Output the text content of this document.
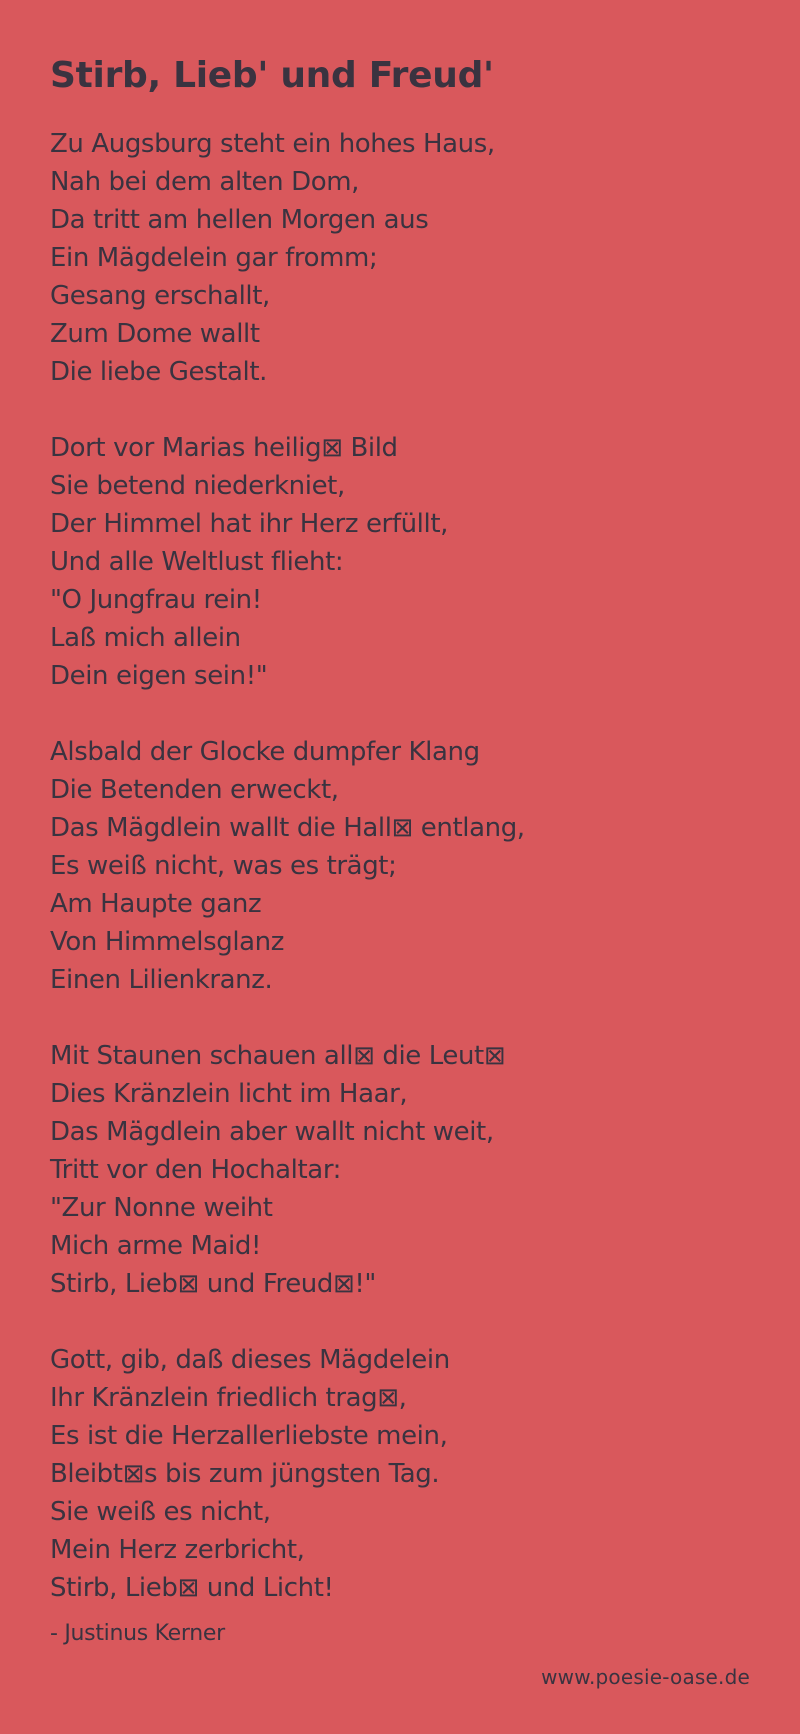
Stirb, Lieb' und Freud'
Zu Augsburg steht ein hohes Haus,
Nah bei dem alten Dom,
Da tritt am hellen Morgen aus
Ein Mägdelein gar fromm;
Gesang erschallt,
Zum Dome wallt
Die liebe Gestalt.
Dort vor Marias heilig⊠ Bild
Sie betend niederkniet,
Der Himmel hat ihr Herz erfüllt,
Und alle Weltlust flieht:
"O Jungfrau rein!
Laß mich allein
Dein eigen sein!"
Alsbald der Glocke dumpfer Klang
Die Betenden erweckt,
Das Mägdlein wallt die Hall⊠ entlang,
Es weiß nicht, was es trägt;
Am Haupte ganz
Von Himmelsglanz
Einen Lilienkranz.
Mit Staunen schauen all⊠ die Leut⊠
Dies Kränzlein licht im Haar,
Das Mägdlein aber wallt nicht weit,
Tritt vor den Hochaltar:
"Zur Nonne weiht
Mich arme Maid!
Stirb, Lieb⊠ und Freud⊠!"
Gott, gib, daß dieses Mägdelein
Ihr Kränzlein friedlich trag⊠,
Es ist die Herzallerliebste mein,
Bleibt⊠s bis zum jüngsten Tag.
Sie weiß es nicht,
Mein Herz zerbricht,
Stirb, Lieb⊠ und Licht!
- Justinus Kerner
www.poesie-oase.de
